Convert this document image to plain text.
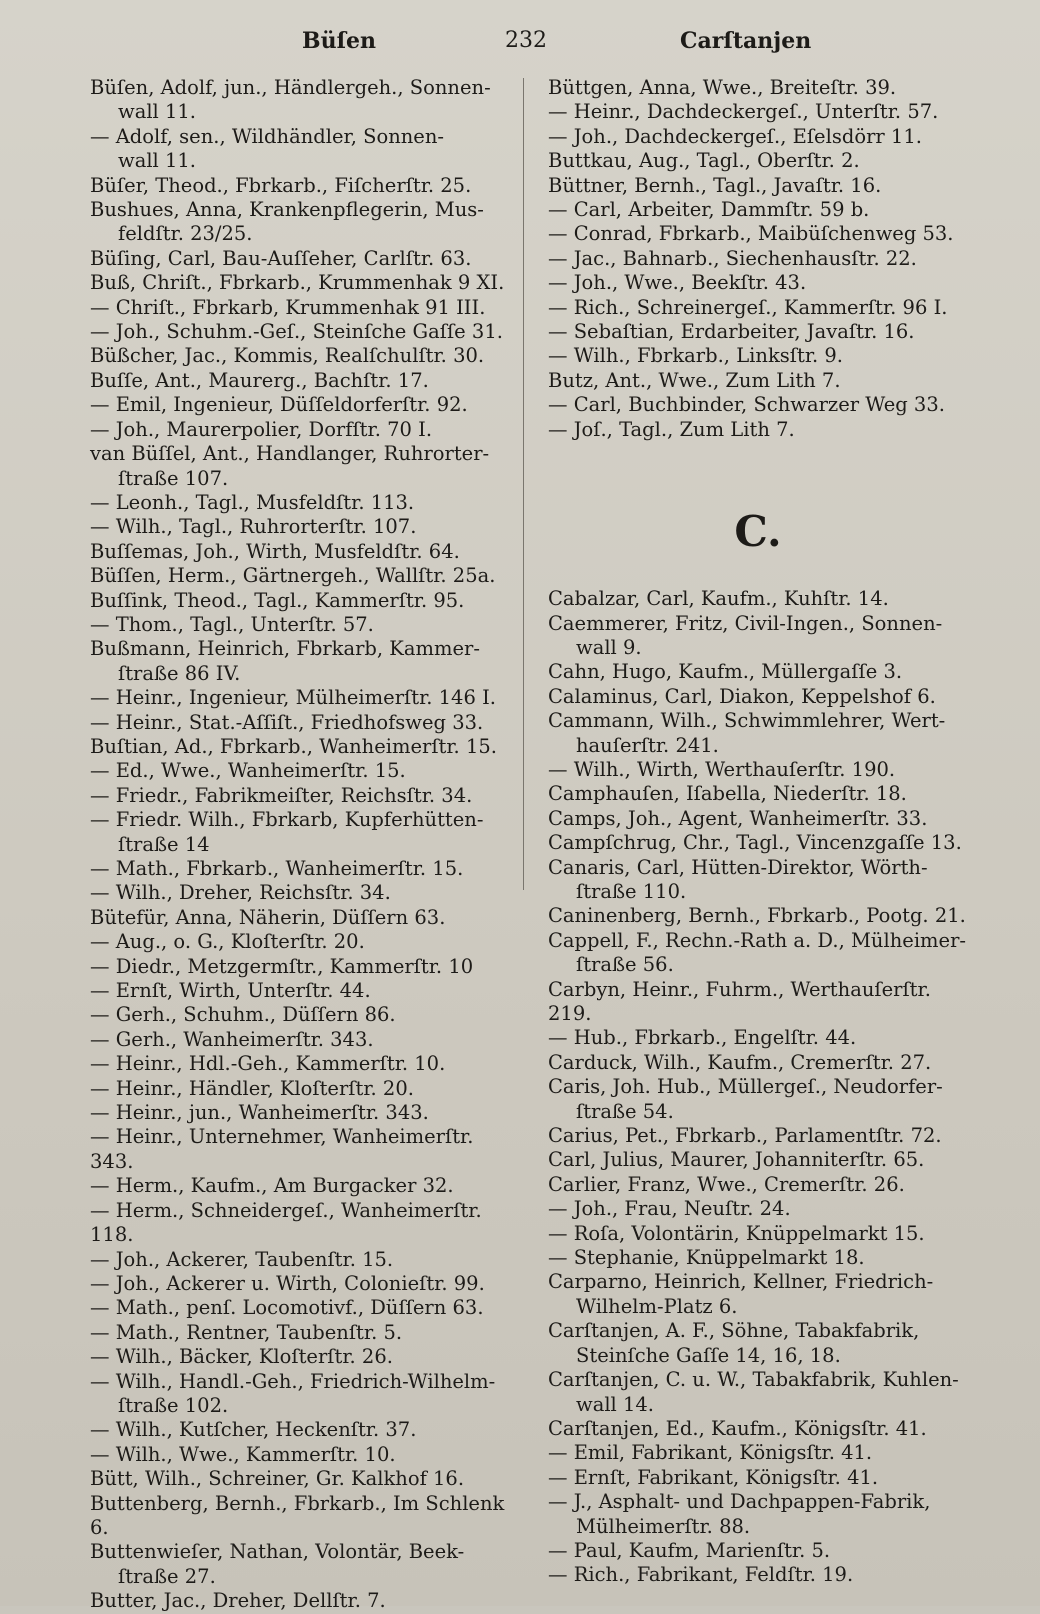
Büſen	232	Carſtanjen
Büſen, Adolf, jun., Händlergeh., Sonnen-
wall 11.
— Adolf, sen., Wildhändler, Sonnen-
wall 11.
Büſer, Theod., Fbrkarb., Fiſcherſtr. 25.
Bushues, Anna, Krankenpflegerin, Mus-
feldſtr. 23/25.
Büſing, Carl, Bau-Auſſeher, Carlſtr. 63.
Buß, Chriſt., Fbrkarb., Krummenhak 9 XI.
— Chriſt., Fbrkarb, Krummenhak 91 III.
— Joh., Schuhm.-Geſ., Steinſche Gaſſe 31.
Büßcher, Jac., Kommis, Realſchulſtr. 30.
Buſſe, Ant., Maurerg., Bachſtr. 17.
— Emil, Ingenieur, Düſſeldorferſtr. 92.
— Joh., Maurerpolier, Dorfſtr. 70 I.
van Büſſel, Ant., Handlanger, Ruhrorter-
ſtraße 107.
— Leonh., Tagl., Musfeldſtr. 113.
— Wilh., Tagl., Ruhrorterſtr. 107.
Buſſemas, Joh., Wirth, Musfeldſtr. 64.
Büſſen, Herm., Gärtnergeh., Wallſtr. 25a.
Buſſink, Theod., Tagl., Kammerſtr. 95.
— Thom., Tagl., Unterſtr. 57.
Bußmann, Heinrich, Fbrkarb, Kammer-
ſtraße 86 IV.
— Heinr., Ingenieur, Mülheimerſtr. 146 I.
— Heinr., Stat.-Aſſiſt., Friedhofsweg 33.
Buſtian, Ad., Fbrkarb., Wanheimerſtr. 15.
— Ed., Wwe., Wanheimerſtr. 15.
— Friedr., Fabrikmeiſter, Reichsſtr. 34.
— Friedr. Wilh., Fbrkarb, Kupferhütten-
ſtraße 14
— Math., Fbrkarb., Wanheimerſtr. 15.
— Wilh., Dreher, Reichsſtr. 34.
Bütefür, Anna, Näherin, Düſſern 63.
— Aug., o. G., Kloſterſtr. 20.
— Diedr., Metzgermſtr., Kammerſtr. 10
— Ernſt, Wirth, Unterſtr. 44.
— Gerh., Schuhm., Düſſern 86.
— Gerh., Wanheimerſtr. 343.
— Heinr., Hdl.-Geh., Kammerſtr. 10.
— Heinr., Händler, Kloſterſtr. 20.
— Heinr., jun., Wanheimerſtr. 343.
— Heinr., Unternehmer, Wanheimerſtr. 343.
— Herm., Kaufm., Am Burgacker 32.
— Herm., Schneidergeſ., Wanheimerſtr. 118.
— Joh., Ackerer, Taubenſtr. 15.
— Joh., Ackerer u. Wirth, Colonieſtr. 99.
— Math., penſ. Locomotivf., Düſſern 63.
— Math., Rentner, Taubenſtr. 5.
— Wilh., Bäcker, Kloſterſtr. 26.
— Wilh., Handl.-Geh., Friedrich-Wilhelm-
ſtraße 102.
— Wilh., Kutſcher, Heckenſtr. 37.
— Wilh., Wwe., Kammerſtr. 10.
Bütt, Wilh., Schreiner, Gr. Kalkhof 16.
Buttenberg, Bernh., Fbrkarb., Im Schlenk 6.
Buttenwieſer, Nathan, Volontär, Beek-
ſtraße 27.
Butter, Jac., Dreher, Dellſtr. 7.
Büttgen, Anna, Wwe., Breiteſtr. 39.
— Heinr., Dachdeckergeſ., Unterſtr. 57.
— Joh., Dachdeckergeſ., Eſelsdörr 11.
Buttkau, Aug., Tagl., Oberſtr. 2.
Büttner, Bernh., Tagl., Javaſtr. 16.
— Carl, Arbeiter, Dammſtr. 59 b.
— Conrad, Fbrkarb., Maibüſchenweg 53.
— Jac., Bahnarb., Siechenhausſtr. 22.
— Joh., Wwe., Beekſtr. 43.
— Rich., Schreinergeſ., Kammerſtr. 96 I.
— Sebaſtian, Erdarbeiter, Javaſtr. 16.
— Wilh., Fbrkarb., Linksſtr. 9.
Butz, Ant., Wwe., Zum Lith 7.
— Carl, Buchbinder, Schwarzer Weg 33.
— Joſ., Tagl., Zum Lith 7.
C.
Cabalzar, Carl, Kaufm., Kuhſtr. 14.
Caemmerer, Fritz, Civil-Ingen., Sonnen-
wall 9.
Cahn, Hugo, Kaufm., Müllergaſſe 3.
Calaminus, Carl, Diakon, Keppelshof 6.
Cammann, Wilh., Schwimmlehrer, Wert-
hauſerſtr. 241.
— Wilh., Wirth, Werthauſerſtr. 190.
Camphauſen, Iſabella, Niederſtr. 18.
Camps, Joh., Agent, Wanheimerſtr. 33.
Campſchrug, Chr., Tagl., Vincenzgaſſe 13.
Canaris, Carl, Hütten-Direktor, Wörth-
ſtraße 110.
Caninenberg, Bernh., Fbrkarb., Pootg. 21.
Cappell, F., Rechn.-Rath a. D., Mülheimer-
ſtraße 56.
Carbyn, Heinr., Fuhrm., Werthauſerſtr. 219.
— Hub., Fbrkarb., Engelſtr. 44.
Carduck, Wilh., Kaufm., Cremerſtr. 27.
Caris, Joh. Hub., Müllergeſ., Neudorfer-
ſtraße 54.
Carius, Pet., Fbrkarb., Parlamentſtr. 72.
Carl, Julius, Maurer, Johanniterſtr. 65.
Carlier, Franz, Wwe., Cremerſtr. 26.
— Joh., Frau, Neuſtr. 24.
— Roſa, Volontärin, Knüppelmarkt 15.
— Stephanie, Knüppelmarkt 18.
Carparno, Heinrich, Kellner, Friedrich-
Wilhelm-Platz 6.
Carſtanjen, A. F., Söhne, Tabakfabrik,
Steinſche Gaſſe 14, 16, 18.
Carſtanjen, C. u. W., Tabakfabrik, Kuhlen-
wall 14.
Carſtanjen, Ed., Kaufm., Königsſtr. 41.
— Emil, Fabrikant, Königsſtr. 41.
— Ernſt, Fabrikant, Königsſtr. 41.
— J., Asphalt- und Dachpappen-Fabrik,
Mülheimerſtr. 88.
— Paul, Kaufm, Marienſtr. 5.
— Rich., Fabrikant, Feldſtr. 19.
